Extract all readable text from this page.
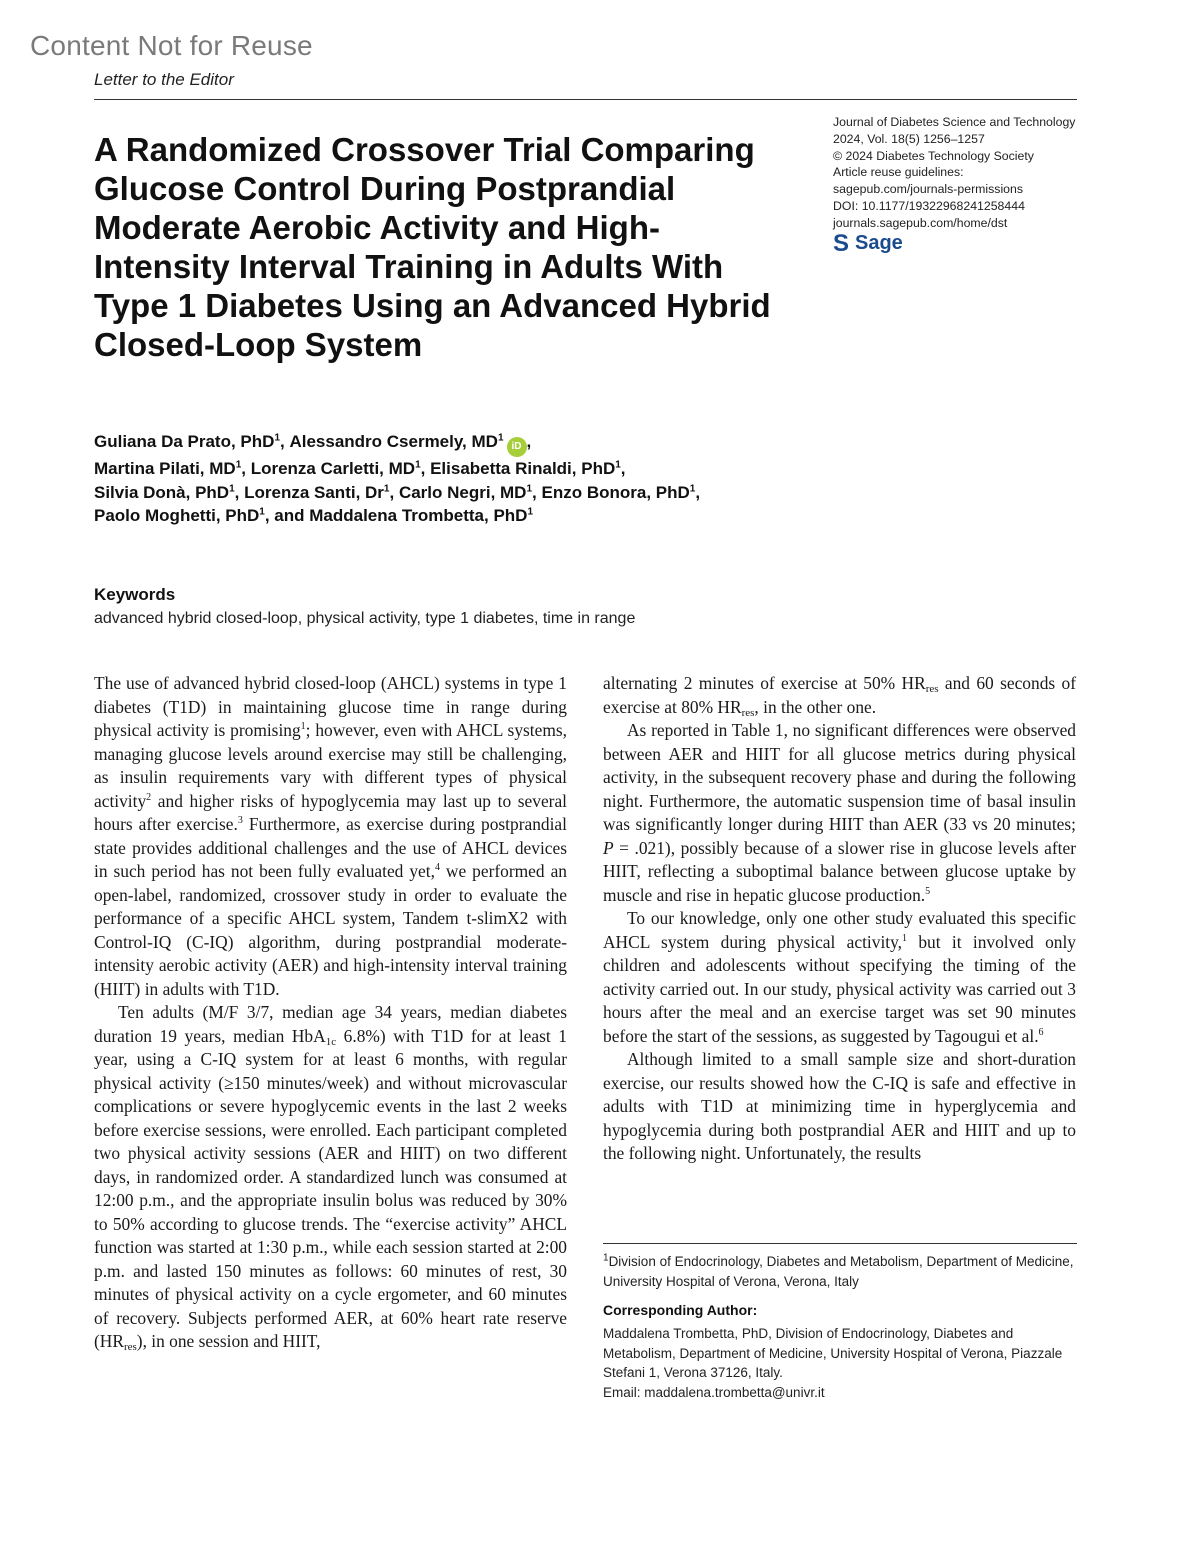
Content Not for Reuse
Letter to the Editor
A Randomized Crossover Trial Comparing Glucose Control During Postprandial Moderate Aerobic Activity and High-Intensity Interval Training in Adults With Type 1 Diabetes Using an Advanced Hybrid Closed-Loop System
Journal of Diabetes Science and Technology
2024, Vol. 18(5) 1256–1257
© 2024 Diabetes Technology Society
Article reuse guidelines:
sagepub.com/journals-permissions
DOI: 10.1177/19322968241258444
journals.sagepub.com/home/dst
S Sage
Guliana Da Prato, PhD$^1$, Alessandro Csermely, $MD^1iD$ ,
Martina Pilati, $MD^1$, Lorenza Carletti, $MD^1$, Elisabetta Rinaldi, PhD$^1$,
Silvia Donà, PhD$^1$, Lorenza Santi, Dr$^1$, Carlo Negri, $MD^1$, Enzo Bonora, PhD$^1$,
Paolo Moghetti, PhD$^1$, and Maddalena Trombetta, PhD$^1$
Keywords
advanced hybrid closed-loop, physical activity, type 1 diabetes, time in range

The use of advanced hybrid closed-loop (AHCL) systems in type 1 diabetes (T1D) in maintaining glucose time in range during physical activity is promising$^1$; however, even with AHCL systems, managing glucose levels around exercise may still be challenging, as insulin requirements vary with different types of physical activity$^2$ and higher risks of hypoglycemia may last up to several hours after exercise.$^3$ Furthermore, as exercise during postprandial state provides additional challenges and the use of AHCL devices in such period has not been fully evaluated yet,$^4$ we performed an open-label, randomized, crossover study in order to evaluate the performance of a specific AHCL system, Tandem t-slimX2 with Control-IQ (C-IQ) algorithm, during postprandial moderate-intensity aerobic activity (AER) and high-intensity interval training (HIIT) in adults with T1D.

Ten adults (M/F 3/7, median age 34 years, median diabetes duration 19 years, median HbA$_{1c}$ 6.8%) with T1D for at least 1 year, using a C-IQ system for at least 6 months, with regular physical activity (≥150 minutes/week) and without microvascular complications or severe hypoglycemic events in the last 2 weeks before exercise sessions, were enrolled. Each participant completed two physical activity sessions (AER and HIIT) on two different days, in randomized order. A standardized lunch was consumed at 12:00 p.m., and the appropriate insulin bolus was reduced by 30% to 50% according to glucose trends. The “exercise activity” AHCL function was started at 1:30 p.m., while each session started at 2:00 p.m. and lasted 150 minutes as follows: 60 minutes of rest, 30 minutes of physical activity on a cycle ergometer, and 60 minutes of recovery. Subjects performed AER, at 60% heart rate reserve $(HR_{res})$, in one session and HIIT,

alternating 2 minutes of exercise at 50% $HR_{res}$ and 60 seconds of exercise at 80% $HR_{res}$, in the other one.

As reported in Table 1, no significant differences were observed between AER and HIIT for all glucose metrics during physical activity, in the subsequent recovery phase and during the following night. Furthermore, the automatic suspension time of basal insulin was significantly longer during HIIT than AER (33 vs 20 minutes; P = .021), possibly because of a slower rise in glucose levels after HIIT, reflecting a suboptimal balance between glucose uptake by muscle and rise in hepatic glucose production.$^5$

To our knowledge, only one other study evaluated this specific AHCL system during physical activity,$^1$ but it involved only children and adolescents without specifying the timing of the activity carried out. In our study, physical activity was carried out 3 hours after the meal and an exercise target was set 90 minutes before the start of the sessions, as suggested by Tagougui et al.$^6$

Although limited to a small sample size and short-duration exercise, our results showed how the C-IQ is safe and effective in adults with T1D at minimizing time in hyperglycemia and hypoglycemia during both postprandial AER and HIIT and up to the following night. Unfortunately, the results

$^1$Division of Endocrinology, Diabetes and Metabolism, Department of Medicine, University Hospital of Verona, Verona, Italy
Corresponding Author:
Maddalena Trombetta, PhD, Division of Endocrinology, Diabetes and Metabolism, Department of Medicine, University Hospital of Verona, Piazzale Stefani 1, Verona 37126, Italy.
Email: maddalena.trombetta@univr.it
